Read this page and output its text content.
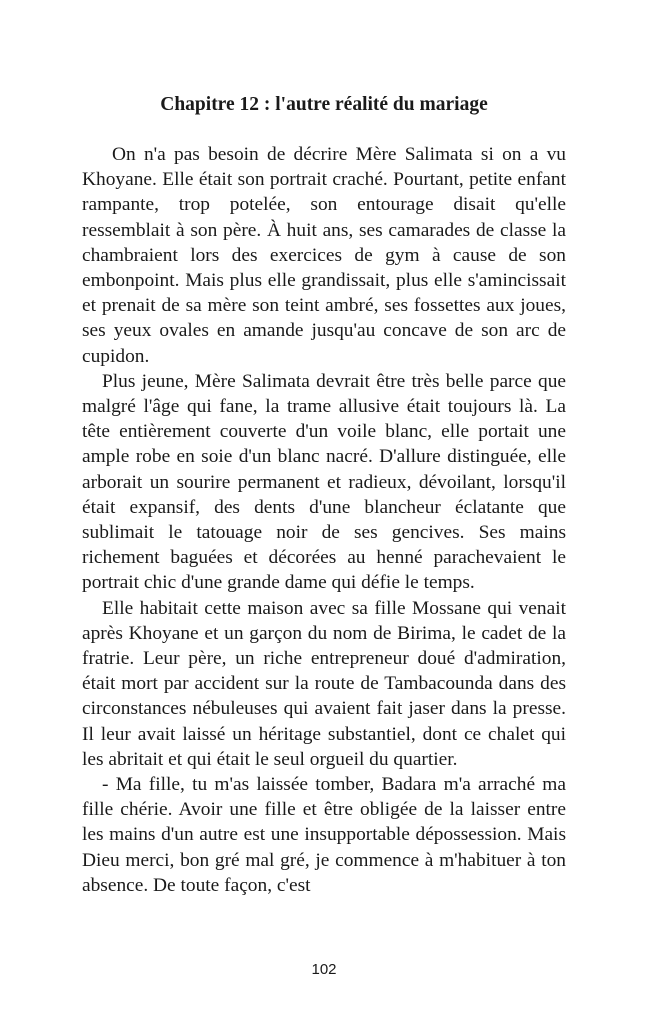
Chapitre 12 : l'autre réalité du mariage

On n'a pas besoin de décrire Mère Salimata si on a vu Khoyane. Elle était son portrait craché. Pourtant, petite enfant rampante, trop potelée, son entourage disait qu'elle ressemblait à son père. À huit ans, ses camarades de classe la chambraient lors des exercices de gym à cause de son embonpoint. Mais plus elle grandissait, plus elle s'amincissait et prenait de sa mère son teint ambré, ses fossettes aux joues, ses yeux ovales en amande jusqu'au concave de son arc de cupidon.

Plus jeune, Mère Salimata devrait être très belle parce que malgré l'âge qui fane, la trame allusive était toujours là. La tête entièrement couverte d'un voile blanc, elle portait une ample robe en soie d'un blanc nacré. D'allure distinguée, elle arborait un sourire permanent et radieux, dévoilant, lorsqu'il était expansif, des dents d'une blancheur éclatante que sublimait le tatouage noir de ses gencives. Ses mains richement baguées et décorées au henné parachevaient le portrait chic d'une grande dame qui défie le temps.

Elle habitait cette maison avec sa fille Mossane qui venait après Khoyane et un garçon du nom de Birima, le cadet de la fratrie. Leur père, un riche entrepreneur doué d'admiration, était mort par accident sur la route de Tambacounda dans des circonstances nébuleuses qui avaient fait jaser dans la presse. Il leur avait laissé un héritage substantiel, dont ce chalet qui les abritait et qui était le seul orgueil du quartier.

- Ma fille, tu m'as laissée tomber, Badara m'a arraché ma fille chérie. Avoir une fille et être obligée de la laisser entre les mains d'un autre est une insupportable dépossession. Mais Dieu merci, bon gré mal gré, je commence à m'habituer à ton absence. De toute façon, c'est

102
